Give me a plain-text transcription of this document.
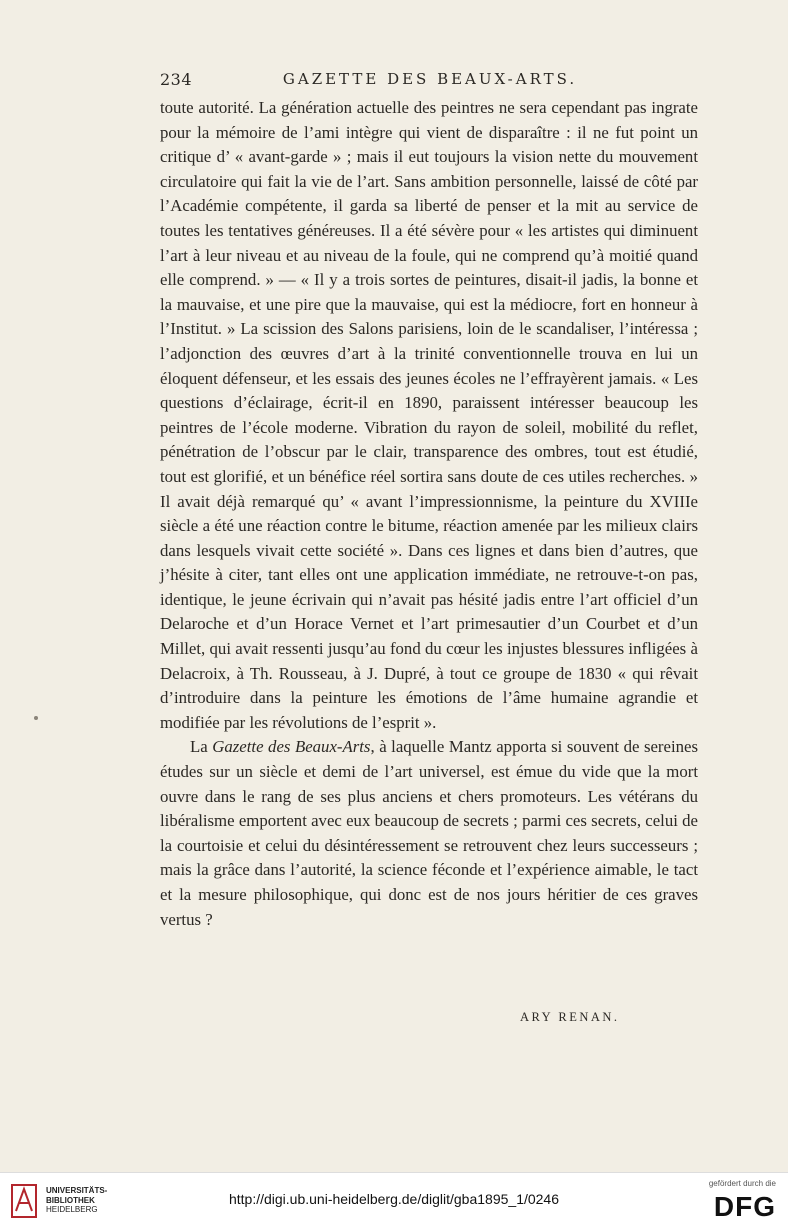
234	GAZETTE DES BEAUX-ARTS.

toute autorité. La génération actuelle des peintres ne sera cependant pas ingrate pour la mémoire de l’ami intègre qui vient de disparaître : il ne fut point un critique d’ « avant-garde » ; mais il eut toujours la vision nette du mouvement circulatoire qui fait la vie de l’art. Sans ambition personnelle, laissé de côté par l’Académie compétente, il garda sa liberté de penser et la mit au service de toutes les tentatives généreuses. Il a été sévère pour « les artistes qui diminuent l’art à leur niveau et au niveau de la foule, qui ne comprend qu’à moitié quand elle comprend. » — « Il y a trois sortes de peintures, disait-il jadis, la bonne et la mauvaise, et une pire que la mauvaise, qui est la médiocre, fort en honneur à l’Institut. » La scission des Salons parisiens, loin de le scandaliser, l’intéressa ; l’adjonction des œuvres d’art à la trinité conventionnelle trouva en lui un éloquent défenseur, et les essais des jeunes écoles ne l’effrayèrent jamais. « Les questions d’éclairage, écrit-il en 1890, paraissent intéresser beaucoup les peintres de l’école moderne. Vibration du rayon de soleil, mobilité du reflet, pénétration de l’obscur par le clair, transparence des ombres, tout est étudié, tout est glorifié, et un bénéfice réel sortira sans doute de ces utiles recherches. » Il avait déjà remarqué qu’ « avant l’impressionnisme, la peinture du XVIIIe siècle a été une réaction contre le bitume, réaction amenée par les milieux clairs dans lesquels vivait cette société ». Dans ces lignes et dans bien d’autres, que j’hésite à citer, tant elles ont une application immédiate, ne retrouve-t-on pas, identique, le jeune écrivain qui n’avait pas hésité jadis entre l’art officiel d’un Delaroche et d’un Horace Vernet et l’art primesautier d’un Courbet et d’un Millet, qui avait ressenti jusqu’au fond du cœur les injustes blessures infligées à Delacroix, à Th. Rousseau, à J. Dupré, à tout ce groupe de 1830 « qui rêvait d’introduire dans la peinture les émotions de l’âme humaine agrandie et modifiée par les révolutions de l’esprit ».

La Gazette des Beaux-Arts, à laquelle Mantz apporta si souvent de sereines études sur un siècle et demi de l’art universel, est émue du vide que la mort ouvre dans le rang de ses plus anciens et chers promoteurs. Les vétérans du libéralisme emportent avec eux beaucoup de secrets ; parmi ces secrets, celui de la courtoisie et celui du désintéressement se retrouvent chez leurs successeurs ; mais la grâce dans l’autorité, la science féconde et l’expérience aimable, le tact et la mesure philosophique, qui donc est de nos jours héritier de ces graves vertus ?

ARY RENAN.
UNIVERSITÄTS-
BIBLIOTHEK
HEIDELBERG
http://digi.ub.uni-heidelberg.de/diglit/gba1895_1/0246
gefördert durch die
DFG
